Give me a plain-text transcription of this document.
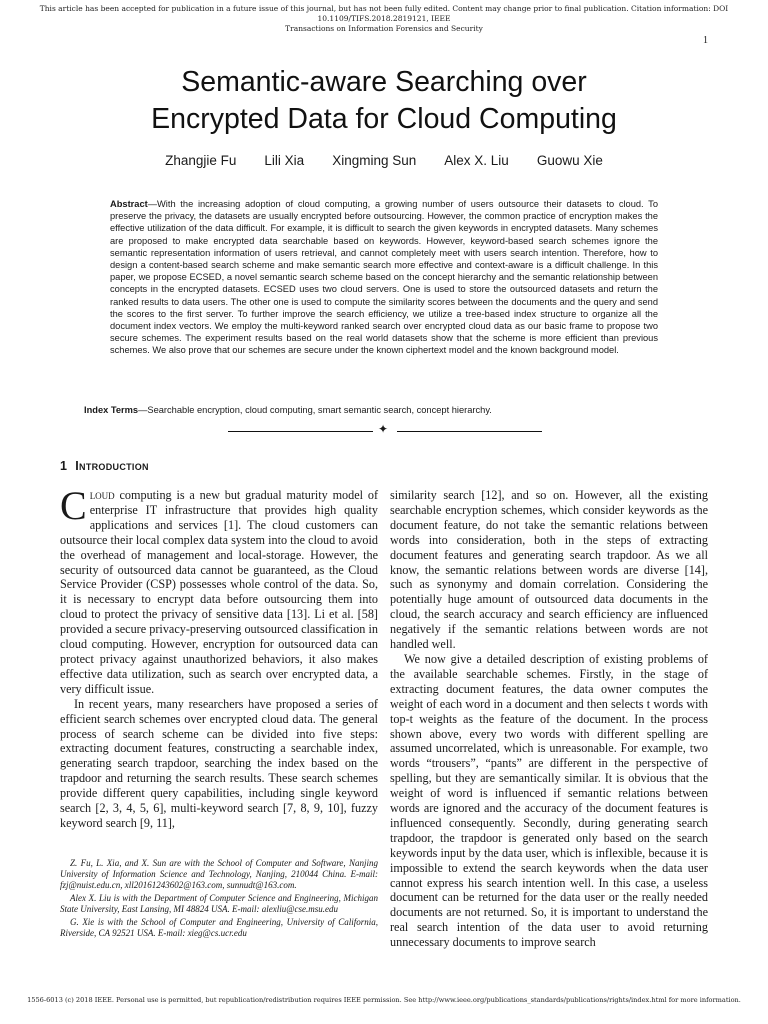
This article has been accepted for publication in a future issue of this journal, but has not been fully edited. Content may change prior to final publication. Citation information: DOI 10.1109/TIFS.2018.2819121, IEEE
Transactions on Information Forensics and Security
1
Semantic-aware Searching over
Encrypted Data for Cloud Computing
Zhangjie Fu Lili Xia Xingming Sun Alex X. Liu Guowu Xie
Abstract—With the increasing adoption of cloud computing, a growing number of users outsource their datasets to cloud. To preserve the privacy, the datasets are usually encrypted before outsourcing. However, the common practice of encryption makes the effective utilization of the data difficult. For example, it is difficult to search the given keywords in encrypted datasets. Many schemes are proposed to make encrypted data searchable based on keywords. However, keyword-based search schemes ignore the semantic representation information of users retrieval, and cannot completely meet with users search intention. Therefore, how to design a content-based search scheme and make semantic search more effective and context-aware is a difficult challenge. In this paper, we propose ECSED, a novel semantic search scheme based on the concept hierarchy and the semantic relationship between concepts in the encrypted datasets. ECSED uses two cloud servers. One is used to store the outsourced datasets and return the ranked results to data users. The other one is used to compute the similarity scores between the documents and the query and send the scores to the first server. To further improve the search efficiency, we utilize a tree-based index structure to organize all the document index vectors. We employ the multi-keyword ranked search over encrypted cloud data as our basic frame to propose two secure schemes. The experiment results based on the real world datasets show that the scheme is more efficient than previous schemes. We also prove that our schemes are secure under the known ciphertext model and the known background model.
Index Terms—Searchable encryption, cloud computing, smart semantic search, concept hierarchy.
✦
1 Introduction

Cloud computing is a new but gradual maturity model of enterprise IT infrastructure that provides high quality applications and services [1]. The cloud customers can outsource their local complex data system into the cloud to avoid the overhead of management and local-storage. However, the security of outsourced data cannot be guaranteed, as the Cloud Service Provider (CSP) possesses whole control of the data. So, it is necessary to encrypt data before outsourcing them into cloud to protect the privacy of sensitive data [13]. Li et al. [58] provided a secure privacy-preserving outsourced classification in cloud computing. However, encryption for outsourced data can protect privacy against unauthorized behaviors, it also makes effective data utilization, such as search over encrypted data, a very difficult issue.

In recent years, many researchers have proposed a series of efficient search schemes over encrypted cloud data. The general process of search scheme can be divided into five steps: extracting document features, constructing a searchable index, generating search trapdoor, searching the index based on the trapdoor and returning the search results. These search schemes provide different query capabilities, including single keyword search [2, 3, 4, 5, 6], multi-keyword search [7, 8, 9, 10], fuzzy keyword search [9, 11],

similarity search [12], and so on. However, all the existing searchable encryption schemes, which consider keywords as the document feature, do not take the semantic relations between words into consideration, both in the steps of extracting document features and generating search trapdoor. As we all know, the semantic relations between words are diverse [14], such as synonymy and domain correlation. Considering the potentially huge amount of outsourced data documents in the cloud, the search accuracy and search efficiency are influenced negatively if the semantic relations between words are not handled well.

We now give a detailed description of existing problems of the available searchable schemes. Firstly, in the stage of extracting document features, the data owner computes the weight of each word in a document and then selects t words with top-t weights as the feature of the document. In the process shown above, every two words with different spelling are assumed uncorrelated, which is unreasonable. For example, two words “trousers”, “pants” are different in the perspective of spelling, but they are semantically similar. It is obvious that the weight of word is influenced if semantic relations between words are ignored and the accuracy of the document features is influenced consequently. Secondly, during generating search trapdoor, the trapdoor is generated only based on the search keywords input by the data user, which is inflexible, because it is impossible to extend the search keywords when the data user cannot express his search intention well. In this case, a useless document can be returned for the data user or the really needed documents are not returned. So, it is important to understand the real search intention of the data user to avoid returning unnecessary documents to improve search

Z. Fu, L. Xia, and X. Sun are with the School of Computer and Software, Nanjing University of Information Science and Technology, Nanjing, 210044 China. E-mail: fzj@nuist.edu.cn, xll20161243602@163.com, sunnudt@163.com.

Alex X. Liu is with the Department of Computer Science and Engineering, Michigan State University, East Lansing, MI 48824 USA. E-mail: alexliu@cse.msu.edu

G. Xie is with the School of Computer and Engineering, University of California, Riverside, CA 92521 USA. E-mail: xieg@cs.ucr.edu

1556-6013 (c) 2018 IEEE. Personal use is permitted, but republication/redistribution requires IEEE permission. See http://www.ieee.org/publications_standards/publications/rights/index.html for more information.
